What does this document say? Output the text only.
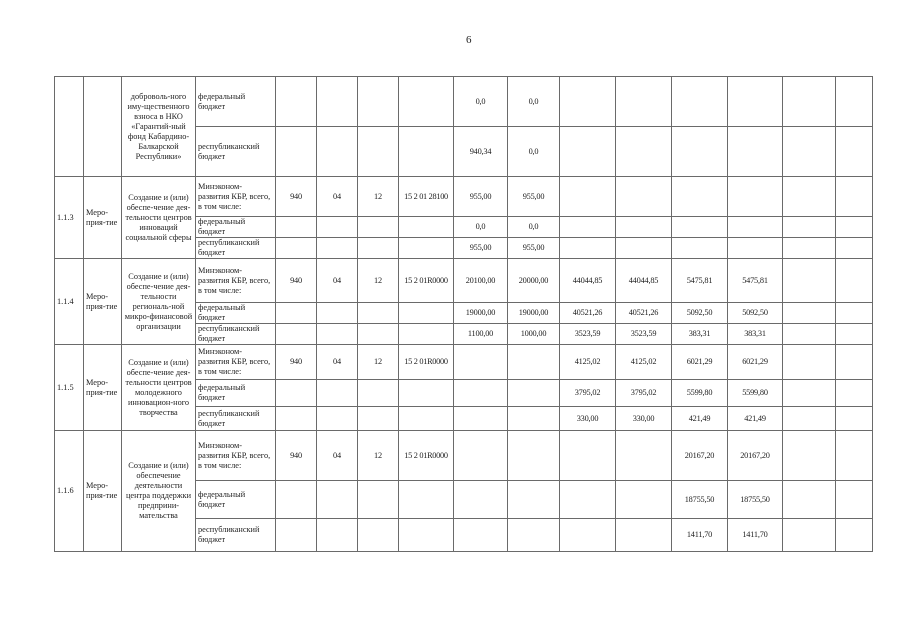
6
		доброволь-ного иму-щественного взноса в НКО «Гарантий-ный фонд Кабардино-Балкарской Республики»	федеральный бюджет					0,0	0,0							
			республиканский бюджет					940,34	0,0							
1.1.3	Меро-прия-тие	Создание и (или) обеспе-чение дея-тельности центров инноваций социальной сферы	Минэконом-развития КБР, всего, в том числе:	940	04	12	15 2 01 28100	955,00	955,00							
			федеральный бюджет					0,0	0,0							
			республиканский бюджет					955,00	955,00							
1.1.4	Меро-прия-тие	Создание и (или) обеспе-чение дея-тельности региональ-ной микро-финансовой организации	Минэконом-развития КБР, всего, в том числе:	940	04	12	15 2 01R0000	20100,00	20000,00	44044,85	44044,85	5475,81	5475,81			
			федеральный бюджет					19000,00	19000,00	40521,26	40521,26	5092,50	5092,50			
			республиканский бюджет					1100,00	1000,00	3523,59	3523,59	383,31	383,31			
1.1.5	Меро-прия-тие	Создание и (или) обеспе-чение дея-тельности центров молодежного инновацион-ного творчества	Минэконом-развития КБР, всего, в том числе:	940	04	12	15 2 01R0000			4125,02	4125,02	6021,29	6021,29			
			федеральный бюджет							3795,02	3795,02	5599,80	5599,80			
			республиканский бюджет							330,00	330,00	421,49	421,49			
1.1.6	Меро-прия-тие	Создание и (или) обеспечение деятельности центра поддержки предприни-мательства	Минэконом-развития КБР, всего, в том числе:	940	04	12	15 2 01R0000					20167,20	20167,20			
			федеральный бюджет									18755,50	18755,50			
			республиканский бюджет									1411,70	1411,70			
